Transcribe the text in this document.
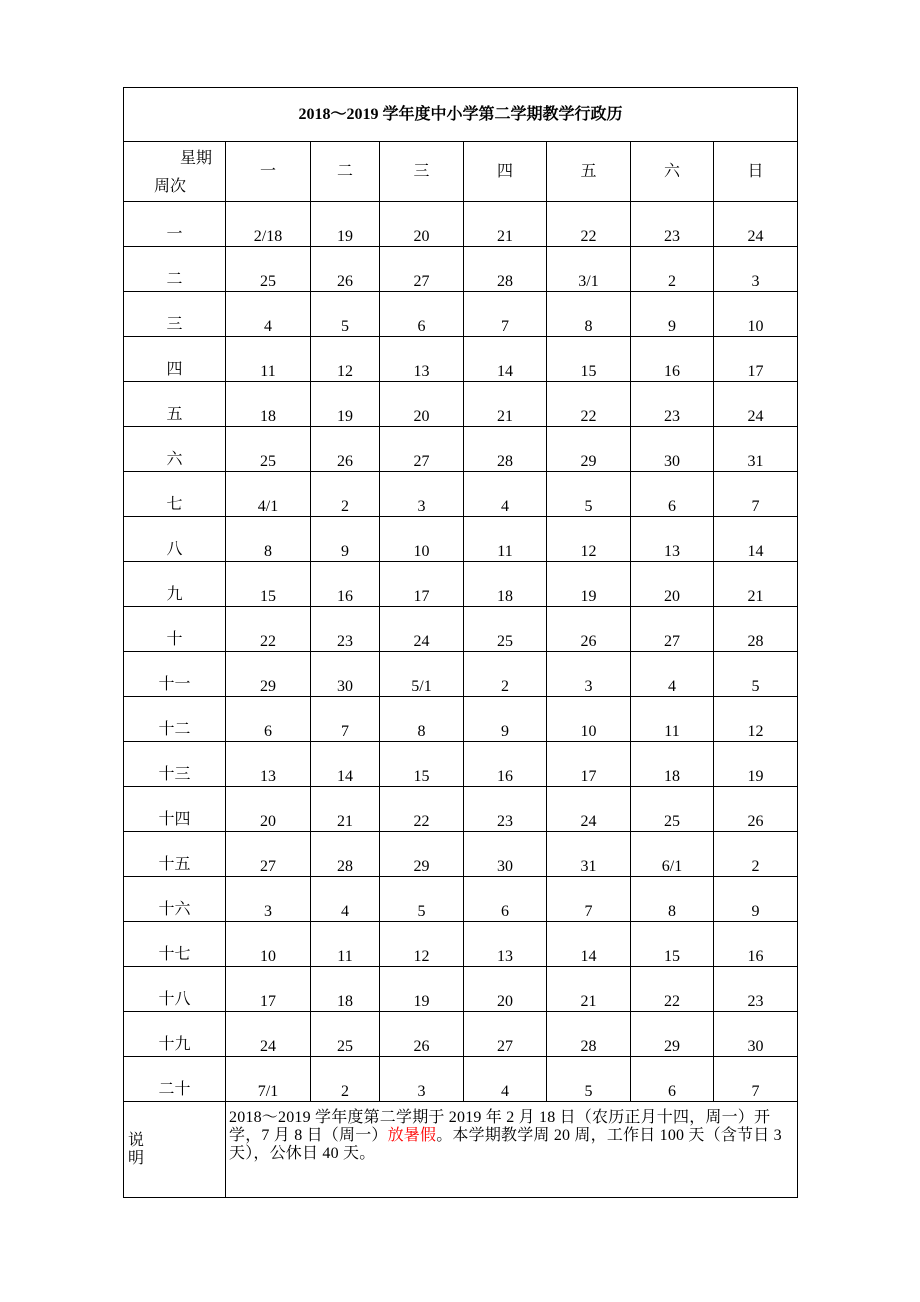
2018～2019 学年度中小学第二学期教学行政历							

星期
周次	一	二	三	四	五	六	日
一	2/18	19	20	21	22	23	24
二	25	26	27	28	3/1	2	3
三	4	5	6	7	8	9	10
四	11	12	13	14	15	16	17
五	18	19	20	21	22	23	24
六	25	26	27	28	29	30	31
七	4/1	2	3	4	5	6	7
八	8	9	10	11	12	13	14
九	15	16	17	18	19	20	21
十	22	23	24	25	26	27	28
十一	29	30	5/1	2	3	4	5
十二	6	7	8	9	10	11	12
十三	13	14	15	16	17	18	19
十四	20	21	22	23	24	25	26
十五	27	28	29	30	31	6/1	2
十六	3	4	5	6	7	8	9
十七	10	11	12	13	14	15	16
十八	17	18	19	20	21	22	23
十九	24	25	26	27	28	29	30
二十	7/1	2	3	4	5	6	7

说明	2018～2019 学年度第二学期于 2019 年 2 月 18 日（农历正月十四，周一）开学，7 月 8 日（周一）放暑假。本学期教学周 20 周，工作日 100 天（含节日 3 天），公休日 40 天。						
